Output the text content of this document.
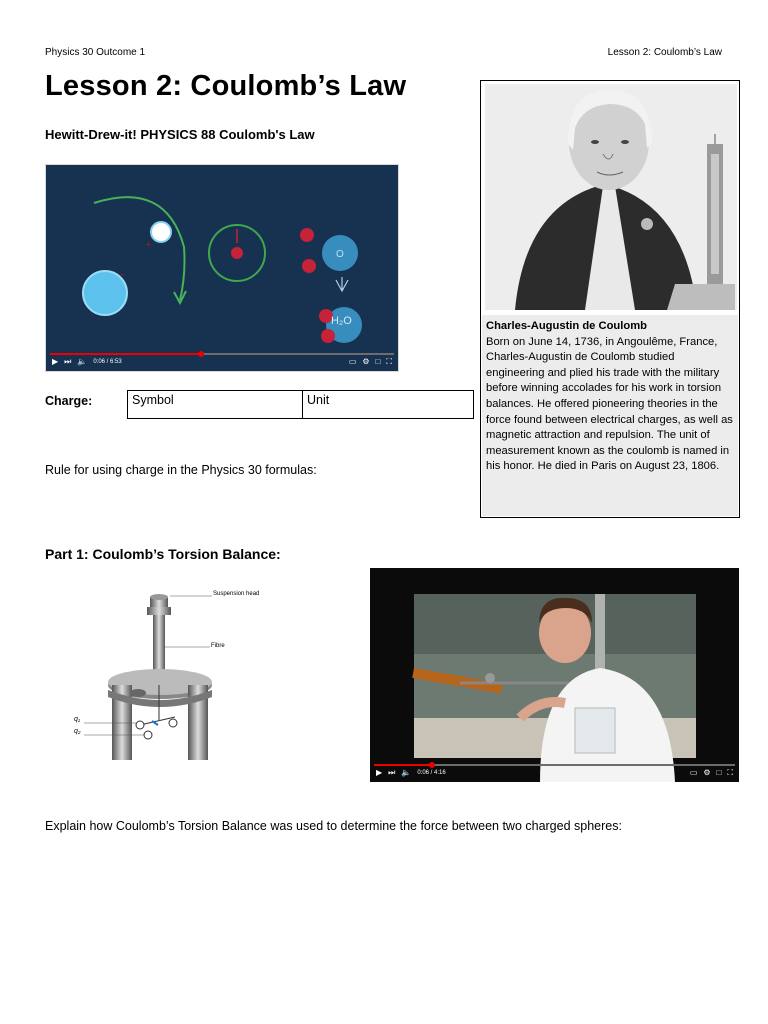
Physics 30 Outcome 1	Lesson 2: Coulomb’s Law
Lesson 2: Coulomb’s Law
Hewitt-Drew-it! PHYSICS 88 Coulomb's Law
+
−
O
H₂O
▶ ⏭ 🔈 0:06 / 6:53	▭ ⚙ □ ⛶
Charge:	Symbol	Unit
Rule for using charge in the Physics 30 formulas:
Charles-Augustin de Coulomb
Born on June 14, 1736, in Angoulême, France, Charles-Augustin de Coulomb studied engineering and plied his trade with the military before winning accolades for his work in torsion balances. He offered pioneering theories in the force found between electrical charges, as well as magnetic attraction and repulsion. The unit of measurement known as the coulomb is named in his honor. He died in Paris on August 23, 1806.
Part 1: Coulomb’s Torsion Balance:
Suspension head
Fibre
q₁
q₂
▶ ⏭ 🔈 0:06 / 4:16	▭ ⚙ □ ⛶
Explain how Coulomb’s Torsion Balance was used to determine the force between two charged spheres:
